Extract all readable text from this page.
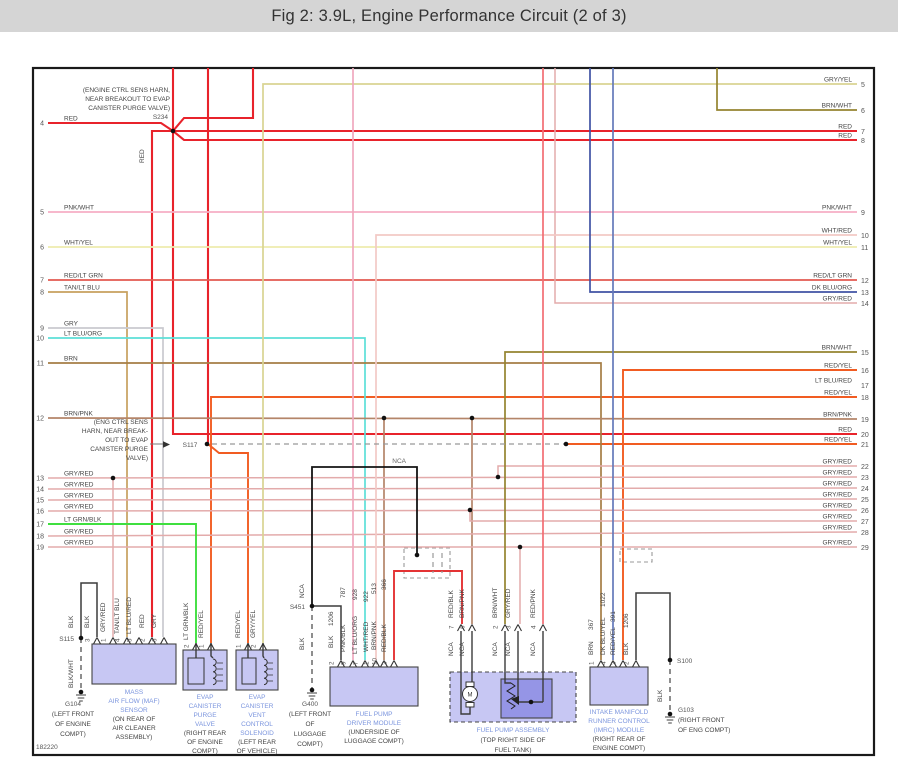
3 1 4 5 2 6
2 1	1 2
2 9 7 1 10 3
7 6	2 3	4
1 4 3 2
(ENGINE CTRL SENS HARN,
NEAR BREAKOUT TO EVAP
CANISTER PURGE VALVE)
S234
(ENG CTRL SENS
HARN, NEAR BREAK-
OUT TO EVAP
CANISTER PURGE
VALVE)
S117
NCA
S451
S115
S100
G104
(LEFT FRONT
OF ENGINE
COMPT)
G400
(LEFT FRONT
OF
LUGGAGE
COMPT)
G103
(RIGHT FRONT
OF ENG COMPT)
182220
MASS
AIR FLOW (MAF)
SENSOR
(ON REAR OF
AIR CLEANER
ASSEMBLY)
EVAP
CANISTER
PURGE
VALVE
(RIGHT REAR
OF ENGINE
COMPT)
EVAP
CANISTER
VENT
CONTROL
SOLENOID
(LEFT REAR
OF VEHICLE)
FUEL PUMP
DRIVER MODULE
(UNDERSIDE OF
LUGGAGE COMPT)
FUEL PUMP ASSEMBLY
(TOP RIGHT SIDE OF
FUEL TANK)
INTAKE MANIFOLD
RUNNER CONTROL
(IMRC) MODULE
(RIGHT REAR OF
ENGINE COMPT)
M
RED
BLK BLK GRY/RED TAN/LT BLU LT BLU/RED RED GRY
BLK/WHT
LT GRN/BLK RED/YEL	RED/YEL GRY/YEL
NCA
BLK	BLK
1206
PNK/BLK
787
LT BLU/ORG
928
WHT/RED
922
BRN/PNK
513
RED/BLK
366
NCA NCA	NCA NCA	NCA
RED/BLK BRN/PNK	BRN/WHT GRY/RED	RED/PNK
BRN
367 DK BLU/YEL
1022
RED/YEL
391
BLK
1206
BLK
4
RED
5
PNK/WHT
6
WHT/YEL
7
RED/LT GRN
8
TAN/LT BLU
9
GRY
10
LT BLU/ORG
11
BRN
12
BRN/PNK
13
GRY/RED
14
GRY/RED
15
GRY/RED
16
GRY/RED
17
LT GRN/BLK
18
GRY/RED
19
GRY/RED
GRY/YEL
5
BRN/WHT
6
RED
7
RED
8
PNK/WHT
9
WHT/RED
10
WHT/YEL
11
RED/LT GRN
12
DK BLU/ORG
13
GRY/RED
14
BRN/WHT
15
RED/YEL
16
LT BLU/RED
17
RED/YEL
18
BRN/PNK
19
RED
20
RED/YEL
21
GRY/RED
22
GRY/RED
23
GRY/RED
24
GRY/RED
25
GRY/RED
26
GRY/RED
27
GRY/RED
28
GRY/RED
29
Fig 2: 3.9L, Engine Performance Circuit (2 of 3)
